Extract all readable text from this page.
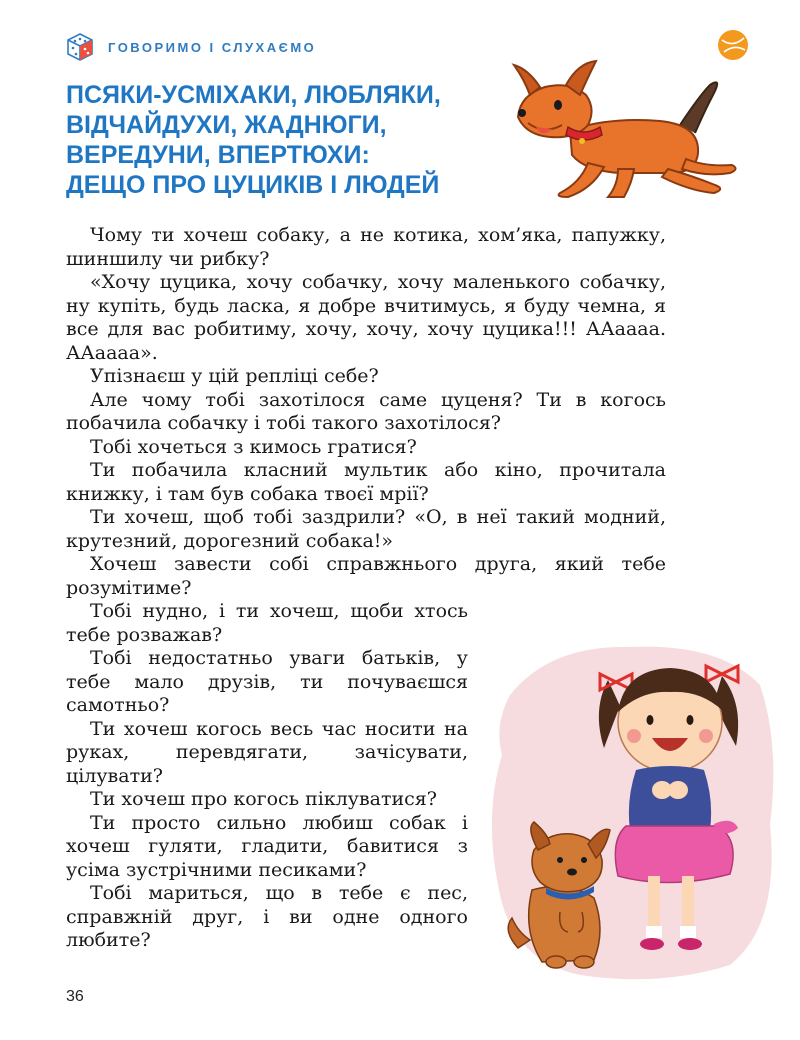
ГОВОРИМО І СЛУХАЄМО
ПСЯКИ-УСМІХАКИ, ЛЮБЛЯКИ,
ВІДЧАЙДУХИ, ЖАДНЮГИ,
ВЕРЕДУНИ, ВПЕРТЮХИ:
ДЕЩО ПРО ЦУЦИКІВ І ЛЮДЕЙ

Чому ти хочеш собаку, а не котика, хом’яка, папужку, шиншилу чи рибку?

«Хочу цуцика, хочу собачку, хочу маленького собачку, ну купіть, будь ласка, я добре вчитимусь, я буду чемна, я все для вас робитиму, хочу, хочу, хочу цуцика!!! ААаааа. ААаааа».

Упізнаєш у цій репліці себе?

Але чому тобі захотілося саме цуценя? Ти в когось побачила собачку і тобі такого захотілося?

Тобі хочеться з кимось гратися?

Ти побачила класний мультик або кіно, прочитала книжку, і там був собака твоєї мрії?

Ти хочеш, щоб тобі заздрили? «О, в неї такий модний, крутезний, дорогезний собака!»

Хочеш завести собі справжнього друга, який тебе розумітиме?

Тобі нудно, і ти хочеш, щоби хтось тебе розважав?

Тобі недостатньо уваги батьків, у тебе мало друзів, ти почуваєшся самотньо?

Ти хочеш когось весь час носити на руках, перевдягати, зачісувати, цілувати?

Ти хочеш про когось піклуватися?

Ти просто сильно любиш собак і хочеш гуляти, гладити, бавитися з усіма зустрічними песиками?

Тобі мариться, що в тебе є пес, справжній друг, і ви одне одного любите?

36
